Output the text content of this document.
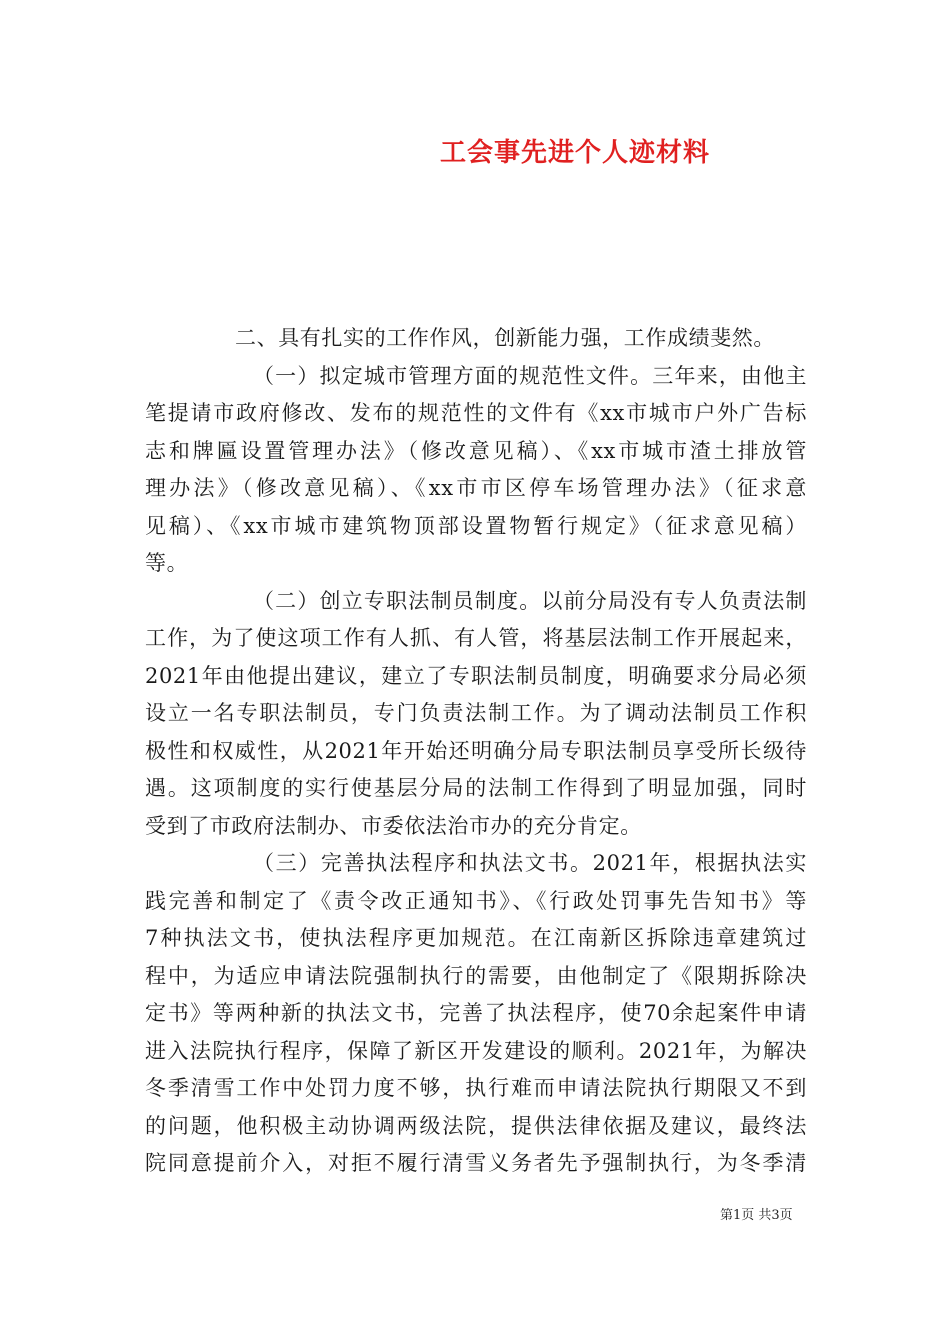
工会事先进个人迹材料
二、具有扎实的工作作风，创新能力强，工作成绩斐然。
（一）拟定城市管理方面的规范性文件。三年来，由他主
笔提请市政府修改、发布的规范性的文件有《xx市城市户外广告标
志和牌匾设置管理办法》（修改意见稿）、《xx市城市渣土排放管
理办法》（修改意见稿）、《xx市市区停车场管理办法》（征求意
见稿）、《xx市城市建筑物顶部设置物暂行规定》（征求意见稿）
等。
（二）创立专职法制员制度。以前分局没有专人负责法制
工作，为了使这项工作有人抓、有人管，将基层法制工作开展起来，
2021年由他提出建议，建立了专职法制员制度，明确要求分局必须
设立一名专职法制员，专门负责法制工作。为了调动法制员工作积
极性和权威性，从2021年开始还明确分局专职法制员享受所长级待
遇。这项制度的实行使基层分局的法制工作得到了明显加强，同时
受到了市政府法制办、市委依法治市办的充分肯定。
（三）完善执法程序和执法文书。2021年，根据执法实
践完善和制定了《责令改正通知书》、《行政处罚事先告知书》等
7种执法文书，使执法程序更加规范。在江南新区拆除违章建筑过
程中，为适应申请法院强制执行的需要，由他制定了《限期拆除决
定书》等两种新的执法文书，完善了执法程序，使70余起案件申请
进入法院执行程序，保障了新区开发建设的顺利。2021年，为解决
冬季清雪工作中处罚力度不够，执行难而申请法院执行期限又不到
的问题，他积极主动协调两级法院，提供法律依据及建议，最终法
院同意提前介入，对拒不履行清雪义务者先予强制执行，为冬季清
第1页 共3页
